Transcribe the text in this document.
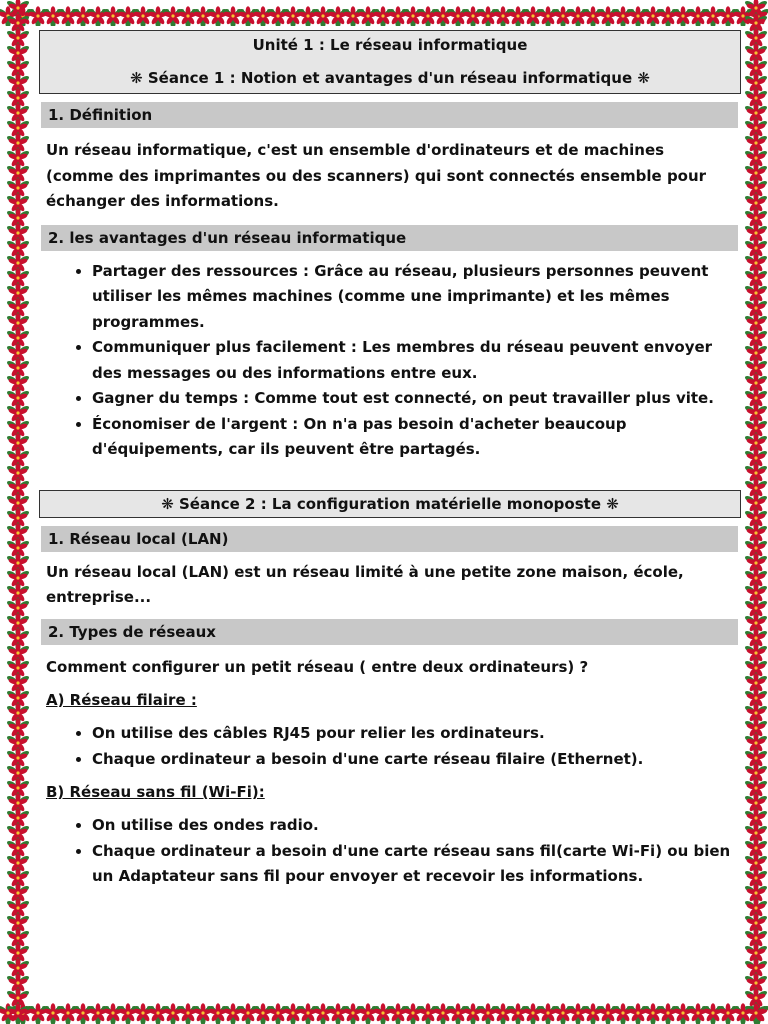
Unité 1 : Le réseau informatique
❋ Séance 1 : Notion et avantages d'un réseau informatique ❋
1. Définition

Un réseau informatique, c'est un ensemble d'ordinateurs et de machines (comme des imprimantes ou des scanners) qui sont connectés ensemble pour échanger des informations.

2. les avantages d'un réseau informatique
• Partager des ressources : Grâce au réseau, plusieurs personnes peuvent utiliser les mêmes machines (comme une imprimante) et les mêmes programmes.
• Communiquer plus facilement : Les membres du réseau peuvent envoyer des messages ou des informations entre eux.
• Gagner du temps : Comme tout est connecté, on peut travailler plus vite.
• Économiser de l'argent : On n'a pas besoin d'acheter beaucoup d'équipements, car ils peuvent être partagés.
❋ Séance 2 : La configuration matérielle monoposte ❋
1. Réseau local (LAN)

Un réseau local (LAN) est un réseau limité à une petite zone maison, école, entreprise...

2. Types de réseaux

Comment configurer un petit réseau ( entre deux ordinateurs) ?

A) Réseau filaire :
• On utilise des câbles RJ45 pour relier les ordinateurs.
• Chaque ordinateur a besoin d'une carte réseau filaire (Ethernet).
B) Réseau sans fil (Wi-Fi):
• On utilise des ondes radio.
• Chaque ordinateur a besoin d'une carte réseau sans fil(carte Wi-Fi) ou bien un Adaptateur sans fil pour envoyer et recevoir les informations.
